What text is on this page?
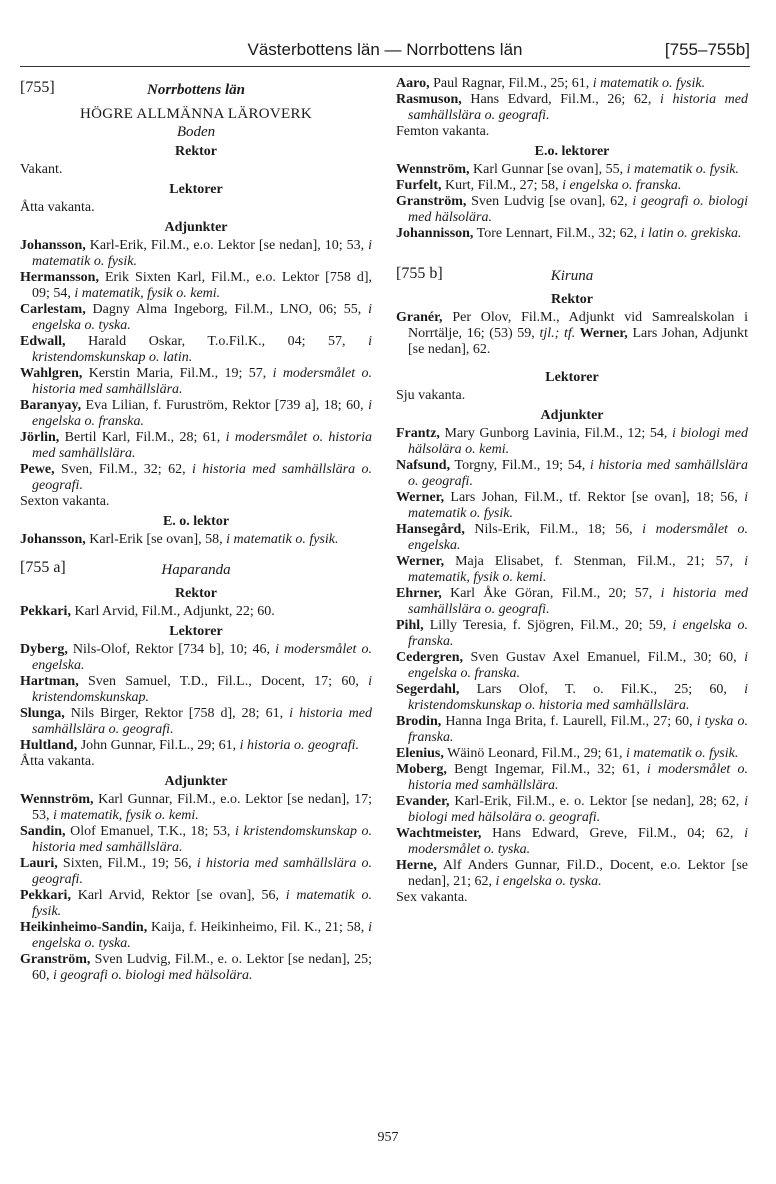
Västerbottens län — Norrbottens län	[755–755b]
[755]	Norrbottens län
HÖGRE ALLMÄNNA LÄROVERK
Boden
Rektor

Vakant.

Lektorer

Åtta vakanta.

Adjunkter

Johansson, Karl-Erik, Fil.M., e.o. Lektor [se nedan], 10; 53, i matematik o. fysik.

Hermansson, Erik Sixten Karl, Fil.M., e.o. Lektor [758 d], 09; 54, i matematik, fysik o. kemi.

Carlestam, Dagny Alma Ingeborg, Fil.M., LNO, 06; 55, i engelska o. tyska.

Edwall, Harald Oskar, T.o.Fil.K., 04; 57, i kristendomskunskap o. latin.

Wahlgren, Kerstin Maria, Fil.M., 19; 57, i modersmålet o. historia med samhällslära.

Baranyay, Eva Lilian, f. Furuström, Rektor [739 a], 18; 60, i engelska o. franska.

Jörlin, Bertil Karl, Fil.M., 28; 61, i modersmålet o. historia med samhällslära.

Pewe, Sven, Fil.M., 32; 62, i historia med samhällslära o. geografi.

Sexton vakanta.

E. o. lektor

Johansson, Karl-Erik [se ovan], 58, i matematik o. fysik.

[755 a]	Haparanda
Rektor

Pekkari, Karl Arvid, Fil.M., Adjunkt, 22; 60.

Lektorer

Dyberg, Nils-Olof, Rektor [734 b], 10; 46, i modersmålet o. engelska.

Hartman, Sven Samuel, T.D., Fil.L., Docent, 17; 60, i kristendomskunskap.

Slunga, Nils Birger, Rektor [758 d], 28; 61, i historia med samhällslära o. geografi.

Hultland, John Gunnar, Fil.L., 29; 61, i historia o. geografi.

Åtta vakanta.

Adjunkter

Wennström, Karl Gunnar, Fil.M., e.o. Lektor [se nedan], 17; 53, i matematik, fysik o. kemi.

Sandin, Olof Emanuel, T.K., 18; 53, i kristendomskunskap o. historia med samhällslära.

Lauri, Sixten, Fil.M., 19; 56, i historia med samhällslära o. geografi.

Pekkari, Karl Arvid, Rektor [se ovan], 56, i matematik o. fysik.

Heikinheimo-Sandin, Kaija, f. Heikinheimo, Fil. K., 21; 58, i engelska o. tyska.

Granström, Sven Ludvig, Fil.M., e. o. Lektor [se nedan], 25; 60, i geografi o. biologi med hälsolära.

Aaro, Paul Ragnar, Fil.M., 25; 61, i matematik o. fysik.

Rasmuson, Hans Edvard, Fil.M., 26; 62, i historia med samhällslära o. geografi.

Femton vakanta.

E.o. lektorer

Wennström, Karl Gunnar [se ovan], 55, i matematik o. fysik.

Furfelt, Kurt, Fil.M., 27; 58, i engelska o. franska.

Granström, Sven Ludvig [se ovan], 62, i geografi o. biologi med hälsolära.

Johannisson, Tore Lennart, Fil.M., 32; 62, i latin o. grekiska.

[755 b]	Kiruna
Rektor

Granér, Per Olov, Fil.M., Adjunkt vid Samrealskolan i Norrtälje, 16; (53) 59, tjl.; tf. Werner, Lars Johan, Adjunkt [se nedan], 62.

Lektorer

Sju vakanta.

Adjunkter

Frantz, Mary Gunborg Lavinia, Fil.M., 12; 54, i biologi med hälsolära o. kemi.

Nafsund, Torgny, Fil.M., 19; 54, i historia med samhällslära o. geografi.

Werner, Lars Johan, Fil.M., tf. Rektor [se ovan], 18; 56, i matematik o. fysik.

Hansegård, Nils-Erik, Fil.M., 18; 56, i modersmålet o. engelska.

Werner, Maja Elisabet, f. Stenman, Fil.M., 21; 57, i matematik, fysik o. kemi.

Ehrner, Karl Åke Göran, Fil.M., 20; 57, i historia med samhällslära o. geografi.

Pihl, Lilly Teresia, f. Sjögren, Fil.M., 20; 59, i engelska o. franska.

Cedergren, Sven Gustav Axel Emanuel, Fil.M., 30; 60, i engelska o. franska.

Segerdahl, Lars Olof, T. o. Fil.K., 25; 60, i kristendomskunskap o. historia med samhällslära.

Brodin, Hanna Inga Brita, f. Laurell, Fil.M., 27; 60, i tyska o. franska.

Elenius, Wäinö Leonard, Fil.M., 29; 61, i matematik o. fysik.

Moberg, Bengt Ingemar, Fil.M., 32; 61, i modersmålet o. historia med samhällslära.

Evander, Karl-Erik, Fil.M., e. o. Lektor [se nedan], 28; 62, i biologi med hälsolära o. geografi.

Wachtmeister, Hans Edward, Greve, Fil.M., 04; 62, i modersmålet o. tyska.

Herne, Alf Anders Gunnar, Fil.D., Docent, e.o. Lektor [se nedan], 21; 62, i engelska o. tyska.

Sex vakanta.

957
